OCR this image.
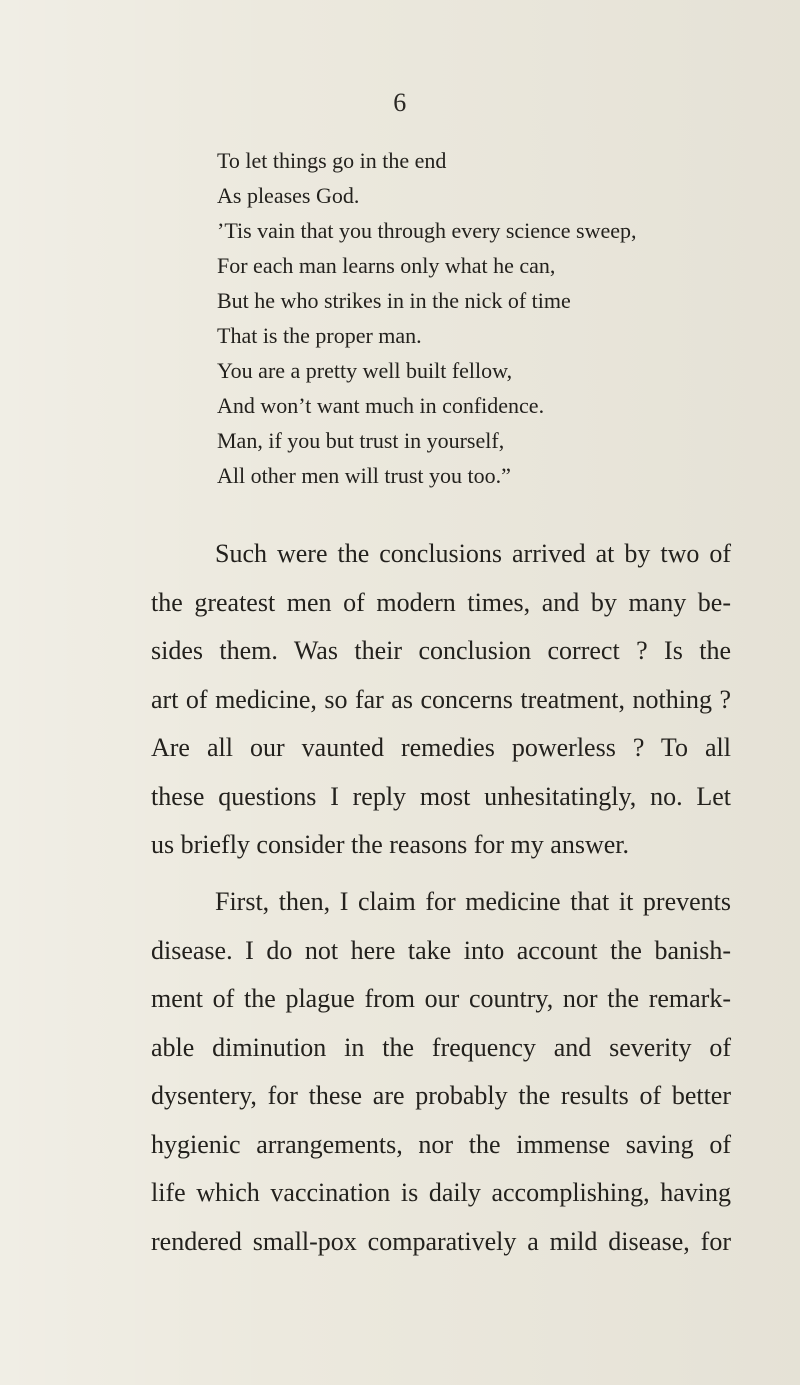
6
To let things go in the end
As pleases God.
’Tis vain that you through every science sweep,
For each man learns only what he can,
But he who strikes in in the nick of time
That is the proper man.
You are a pretty well built fellow,
And won’t want much in confidence.
Man, if you but trust in yourself,
All other men will trust you too.”
Such were the conclusions arrived at by two of
the greatest men of modern times, and by many be-
sides them. Was their conclusion correct ? Is the
art of medicine, so far as concerns treatment, nothing ?
Are all our vaunted remedies powerless ? To all
these questions I reply most unhesitatingly, no. Let
us briefly consider the reasons for my answer.
First, then, I claim for medicine that it prevents
disease. I do not here take into account the banish-
ment of the plague from our country, nor the remark-
able diminution in the frequency and severity of
dysentery, for these are probably the results of better
hygienic arrangements, nor the immense saving of
life which vaccination is daily accomplishing, having
rendered small-pox comparatively a mild disease, for
